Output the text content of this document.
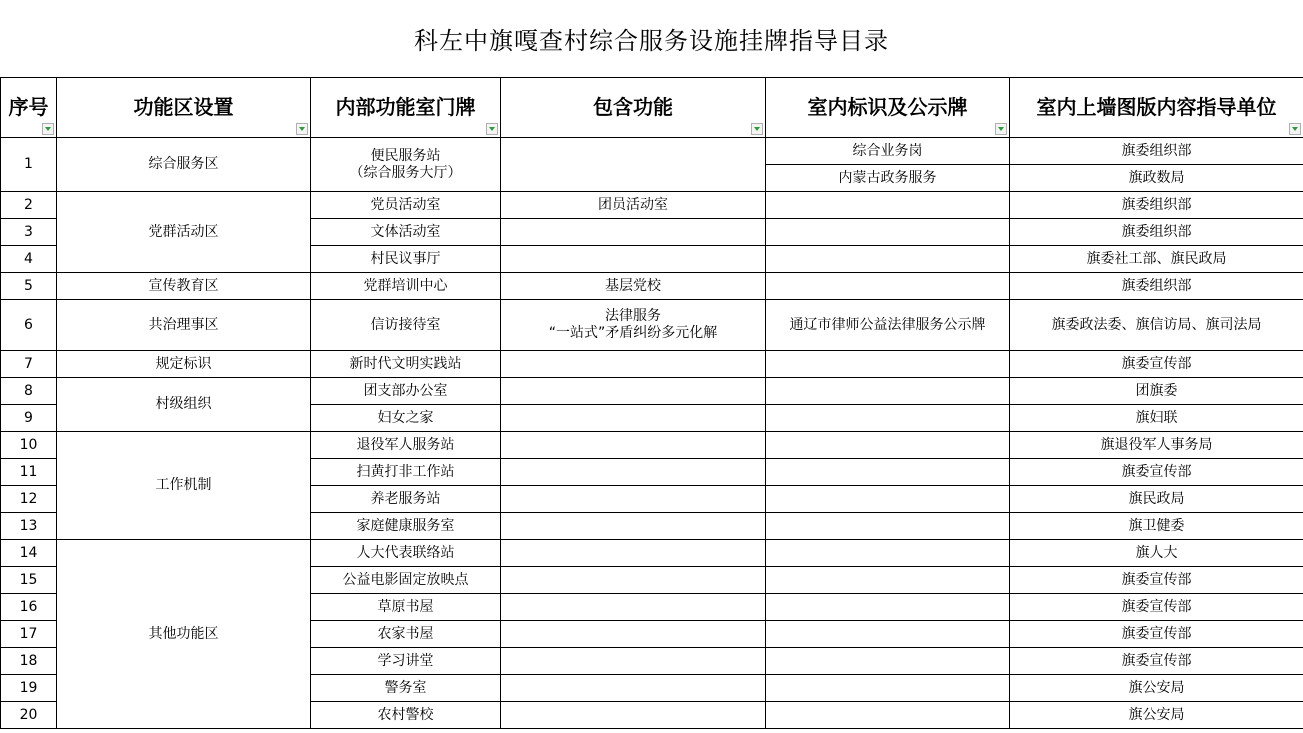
科左中旗嘎查村综合服务设施挂牌指导目录
序号	功能区设置	内部功能室门牌	包含功能	室内标识及公示牌	室内上墙图版内容指导单位

1	综合服务区	便民服务站
（综合服务大厅）		综合业务岗	旗委组织部
				内蒙古政务服务	旗政数局
2	党群活动区	党员活动室	团员活动室		旗委组织部
3		文体活动室			旗委组织部
4		村民议事厅			旗委社工部、旗民政局
5	宣传教育区	党群培训中心	基层党校		旗委组织部
6	共治理事区	信访接待室	法律服务
“一站式”矛盾纠纷多元化解	通辽市律师公益法律服务公示牌	旗委政法委、旗信访局、旗司法局
7	规定标识	新时代文明实践站			旗委宣传部
8	村级组织	团支部办公室			团旗委
9		妇女之家			旗妇联
10	工作机制	退役军人服务站			旗退役军人事务局
11		扫黄打非工作站			旗委宣传部
12		养老服务站			旗民政局
13		家庭健康服务室			旗卫健委
14	其他功能区	人大代表联络站			旗人大
15		公益电影固定放映点			旗委宣传部
16		草原书屋			旗委宣传部
17		农家书屋			旗委宣传部
18		学习讲堂			旗委宣传部
19		警务室			旗公安局
20		农村警校			旗公安局
